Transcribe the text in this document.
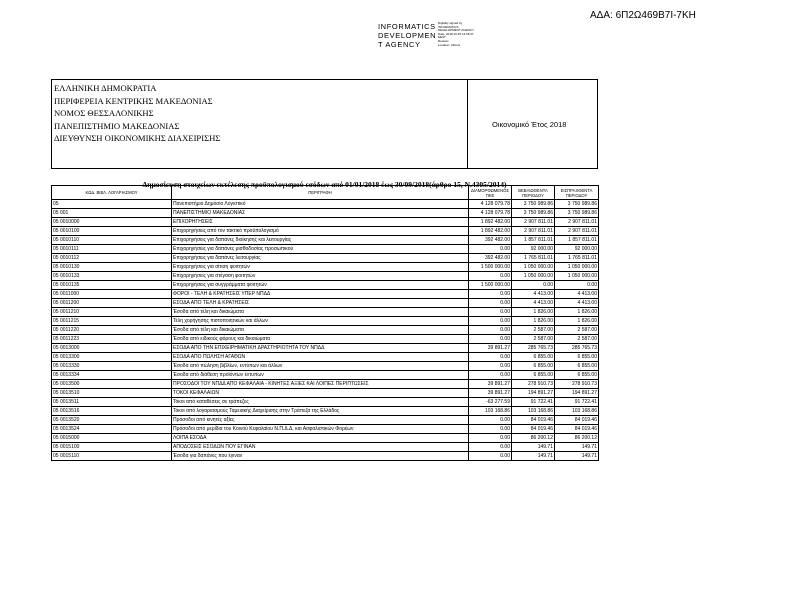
ΑΔΑ: 6Π2Ω469Β7Ι-7ΚΗ
INFORMATICS
DEVELOPMEN
T AGENCY
Digitally signed by
INFORMATICS
DEVELOPMENT AGENCY
Date: 2018.10.25 13:05:27
EEST
Reason:
Location: Athens
ΕΛΛΗΝΙΚΗ ΔΗΜΟΚΡΑΤΙΑ
ΠΕΡΙΦΕΡΕΙΑ ΚΕΝΤΡΙΚΗΣ ΜΑΚΕΔΟΝΙΑΣ
ΝΟΜΟΣ ΘΕΣΣΑΛΟΝΙΚΗΣ
ΠΑΝΕΠΙΣΤΗΜΙΟ ΜΑΚΕΔΟΝΙΑΣ
ΔΙΕΥΘΥΝΣΗ ΟΙΚΟΝΟΜΙΚΗΣ ΔΙΑΧΕΙΡΙΣΗΣ
Οικονομικό Έτος 2018
Δημοσίευση στοιχείων εκτέλεσης προϋπολογισμού εσόδων από 01/01/2018 έως 30/09/2018(άρθρο 15, Ν.4305/2014)
ΚΩΔ. ΒΙΒΛ. ΛΟΓΑΡΙΑΣΜΟΥ	ΠΕΡΙΓΡΑΦΗ	ΔΙΑΜΟΡΦΩΜΕΝΟΣ ΠΚΕ	ΒΕΒΑΙΩΘΕΝΤΑ ΠΕΡΙΟΔΟΥ	ΕΙΣΠΡΑΧΘΕΝΤΑ ΠΕΡΙΟΔΟΥ
05	Πανεπιστήμιο Δημόσιο Λογιστικό	4 128 079.78	3 750 989.86	3 750 989.86
05 001	ΠΑΝΕΠΙΣΤΗΜΙΟ ΜΑΚΕΔΟΝΙΑΣ	4 128 079.78	3 750 989.86	3 750 989.86
05 0010000	ΕΠΙΧΟΡΗΓΗΣΕΙΣ	1 892 482.00	2 907 811.01	2 907 811.01
05 0010100	Επιχορηγήσεις από τον τακτικό προϋπολογισμό	1 892 482.00	2 907 811.01	2 907 811.01
05 0010110	Επιχορηγήσεις για δαπάνες διοίκησης και λειτουργίας	392 482.00	1 857 811.01	1 857 811.01
05 0010111	Επιχορηγήσεις για δαπάνες μισθοδοσίας προσωπικού	0.00	92 000.00	92 000.00
05 0010112	Επιχορηγήσεις για δαπάνες λειτουργίας	392 482.00	1 765 811.01	1 765 811.01
05 0010130	Επιχορηγήσεις για σίτιση φοιτητών	1 500 000.00	1 050 000.00	1 050 000.00
05 0010133	Επιχορηγήσεις για στέγαση φοιτητών	0.00	1 050 000.00	1 050 000.00
05 0010135	Επιχορηγήσεις για συγγράμματα φοιτητών	1 500 000.00	0.00	0.00
05 0011000	ΦΟΡΟΙ - ΤΕΛΗ & ΚΡΑΤΗΣΕΙΣ ΥΠΕΡ ΝΠΔΔ	0.00	4 413.00	4 413.00
05 0011200	ΕΣΟΔΑ ΑΠΟ ΤΕΛΗ & ΚΡΑΤΗΣΕΙΣ	0.00	4 413.00	4 413.00
05 0011210	Έσοδα από τέλη και δικαιώματα	0.00	1 826.00	1 826.00
05 0011215	Τέλη χορήγησης πιστοποιητικών και άλλων	0.00	1 826.00	1 826.00
05 0011220	Έσοδα από τέλη και δικαιώματα	0.00	2 587.00	2 587.00
05 0011223	Έσοδα από ειδικούς φόρους και δικαιώματα	0.00	2 587.00	2 587.00
05 0013000	ΕΣΟΔΑ ΑΠΟ ΤΗΝ ΕΠΙΧΕΙΡΗΜΑΤΙΚΗ ΔΡΑΣΤΗΡΙΟΤΗΤΑ ΤΟΥ ΝΠΔΔ	39 891.27	285 765.73	285 765.73
05 0013300	ΕΣΟΔΑ ΑΠΟ ΠΩΛΗΣΗ ΑΓΑΘΩΝ	0.00	6 855.00	6 855.00
05 0013330	Έσοδα από πώληση βιβλίων, εντύπων και άλλων	0.00	6 855.00	6 855.00
05 0013334	Έσοδα από διάθεση προϊόντων έντυπων	0.00	6 855.00	6 855.00
05 0013500	ΠΡΟΣΟΔΟΙ ΤΟΥ ΝΠΔΔ ΑΠΟ ΚΕΦΑΛΑΙΑ - ΚΙΝΗΤΕΣ ΑΞΙΕΣ ΚΑΙ ΛΟΙΠΕΣ ΠΕΡΙΠΤΩΣΕΙΣ	39 891.27	278 910.73	278 910.73
05 0013510	ΤΟΚΟΙ ΚΕΦΑΛΑΙΩΝ	39 891.27	194 891.27	194 891.27
05 0013511	Τόκοι από καταθέσεις σε τράπεζες	-63 277.59	91 722.41	91 722.41
05 0013516	Τόκοι από λογαριασμούς Ταμειακής Διαχείρισης στην Τράπεζα της Ελλάδος	103 168.86	103 168.86	103 168.86
05 0013520	Πρόσοδοι από κινητές αξίες	0.00	84 019.46	84 019.46
05 0013524	Πρόσοδοι από μερίδια του Κοινού Κεφαλαίου Ν.Π.Δ.Δ. και Ασφαλιστικών Φορέων	0.00	84 019.46	84 019.46
05 0015000	ΛΟΙΠΑ ΕΣΟΔΑ	0.00	86 200.12	86 200.12
05 0015100	ΑΠΟΔΟΣΕΙΣ ΕΣΟΔΩΝ ΠΟΥ ΕΓΙΝΑΝ	0.00	149.71	149.71
05 0015110	Έσοδα για δαπάνες που έγιναν	0.00	149.71	149.71
